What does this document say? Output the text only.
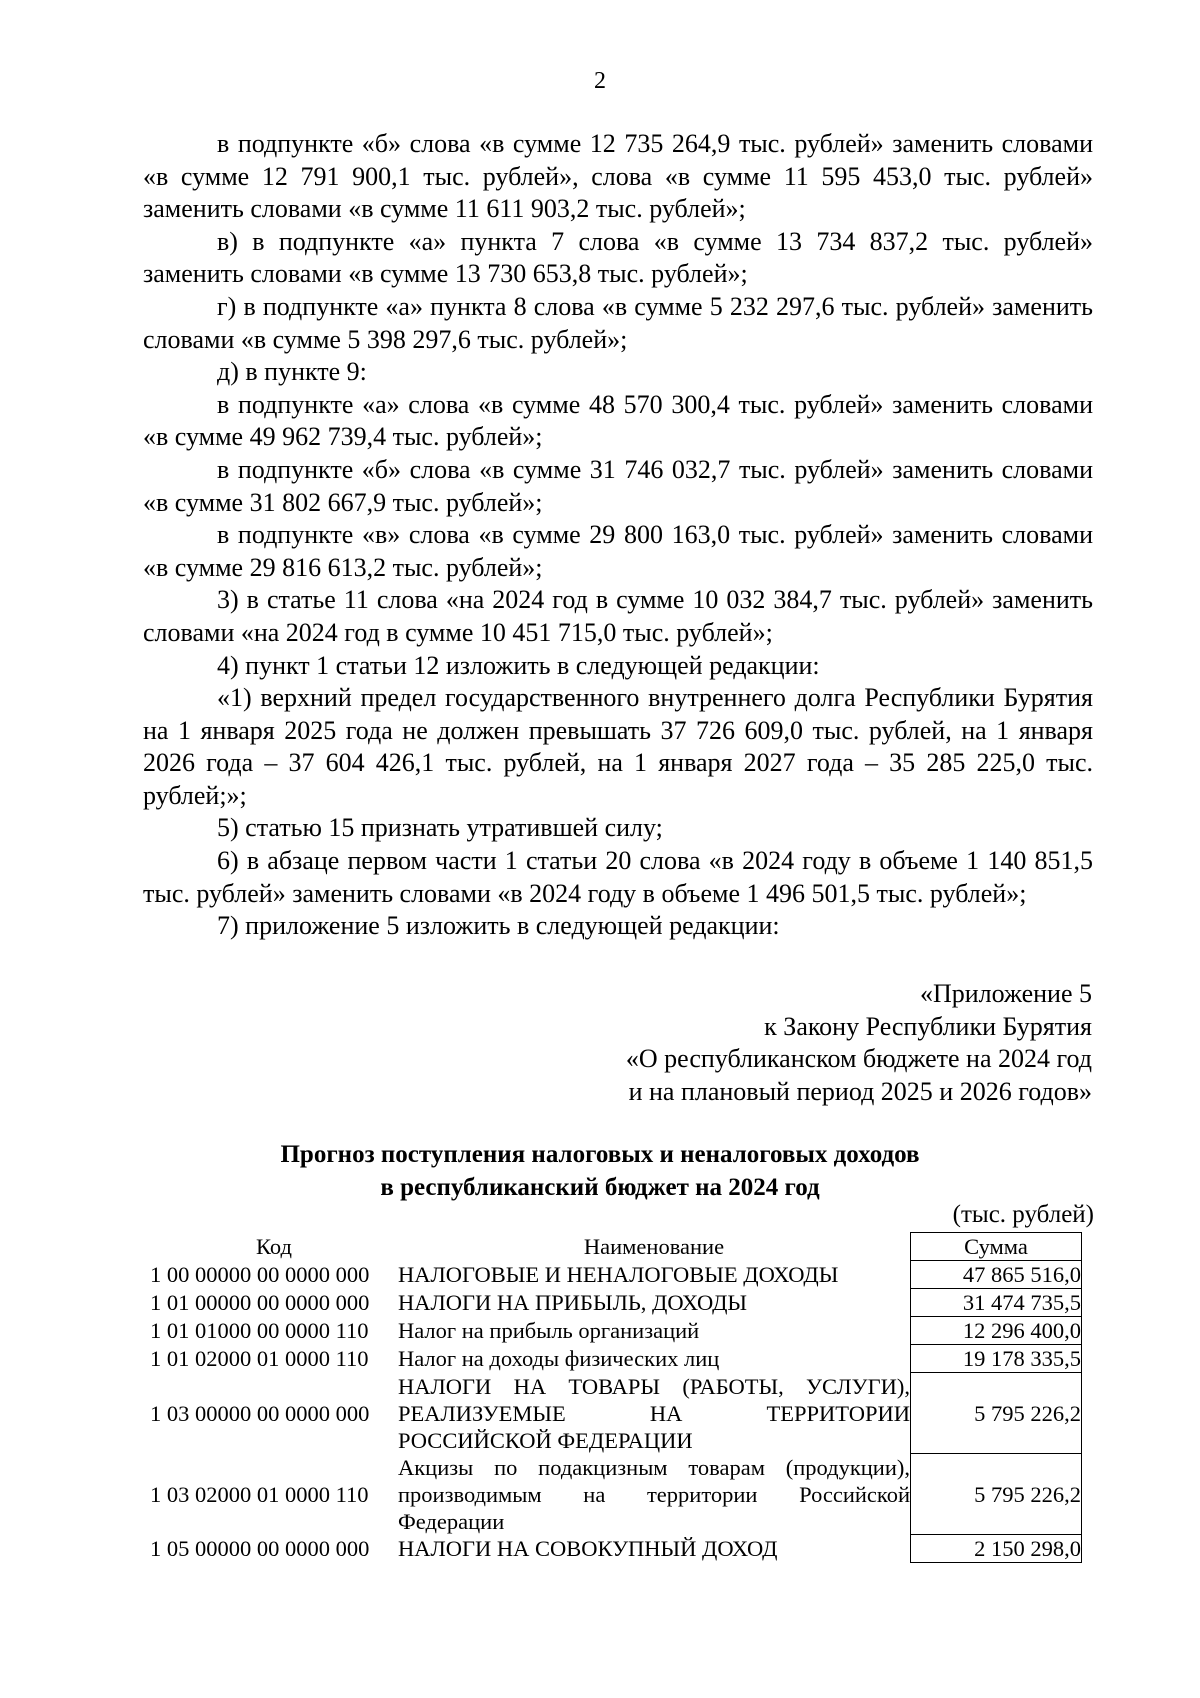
2

в подпункте «б» слова «в сумме 12 735 264,9 тыс. рублей» заменить словами «в сумме 12 791 900,1 тыс. рублей», слова «в сумме 11 595 453,0 тыс. рублей» заменить словами «в сумме 11 611 903,2 тыс. рублей»;

в) в подпункте «а» пункта 7 слова «в сумме 13 734 837,2 тыс. рублей» заменить словами «в сумме 13 730 653,8 тыс. рублей»;

г) в подпункте «а» пункта 8 слова «в сумме 5 232 297,6 тыс. рублей» заменить словами «в сумме 5 398 297,6 тыс. рублей»;

д) в пункте 9:

в подпункте «а» слова «в сумме 48 570 300,4 тыс. рублей» заменить словами «в сумме 49 962 739,4 тыс. рублей»;

в подпункте «б» слова «в сумме 31 746 032,7 тыс. рублей» заменить словами «в сумме 31 802 667,9 тыс. рублей»;

в подпункте «в» слова «в сумме 29 800 163,0 тыс. рублей» заменить словами «в сумме 29 816 613,2 тыс. рублей»;

3) в статье 11 слова «на 2024 год в сумме 10 032 384,7 тыс. рублей» заменить словами «на 2024 год в сумме 10 451 715,0 тыс. рублей»;

4) пункт 1 статьи 12 изложить в следующей редакции:

«1) верхний предел государственного внутреннего долга Республики Бурятия на 1 января 2025 года не должен превышать 37 726 609,0 тыс. рублей, на 1 января 2026 года – 37 604 426,1 тыс. рублей, на 1 января 2027 года – 35 285 225,0 тыс. рублей;»;

5) статью 15 признать утратившей силу;

6) в абзаце первом части 1 статьи 20 слова «в 2024 году в объеме 1 140 851,5 тыс. рублей» заменить словами «в 2024 году в объеме 1 496 501,5 тыс. рублей»;

7) приложение 5 изложить в следующей редакции:

«Приложение 5
к Закону Республики Бурятия
«О республиканском бюджете на 2024 год
и на плановый период 2025 и 2026 годов»
Прогноз поступления налоговых и неналоговых доходов
в республиканский бюджет на 2024 год
(тыс. рублей)
Код	Наименование	Сумма
1 00 00000 00 0000 000	НАЛОГОВЫЕ И НЕНАЛОГОВЫЕ ДОХОДЫ	47 865 516,0
1 01 00000 00 0000 000	НАЛОГИ НА ПРИБЫЛЬ, ДОХОДЫ	31 474 735,5
1 01 01000 00 0000 110	Налог на прибыль организаций	12 296 400,0
1 01 02000 01 0000 110	Налог на доходы физических лиц	19 178 335,5
1 03 00000 00 0000 000	НАЛОГИ НА ТОВАРЫ (РАБОТЫ, УСЛУГИ), РЕАЛИЗУЕМЫЕ НА ТЕРРИТОРИИ РОССИЙСКОЙ ФЕДЕРАЦИИ	5 795 226,2
1 03 02000 01 0000 110	Акцизы по подакцизным товарам (продукции), производимым на территории Российской Федерации	5 795 226,2
1 05 00000 00 0000 000	НАЛОГИ НА СОВОКУПНЫЙ ДОХОД	2 150 298,0
